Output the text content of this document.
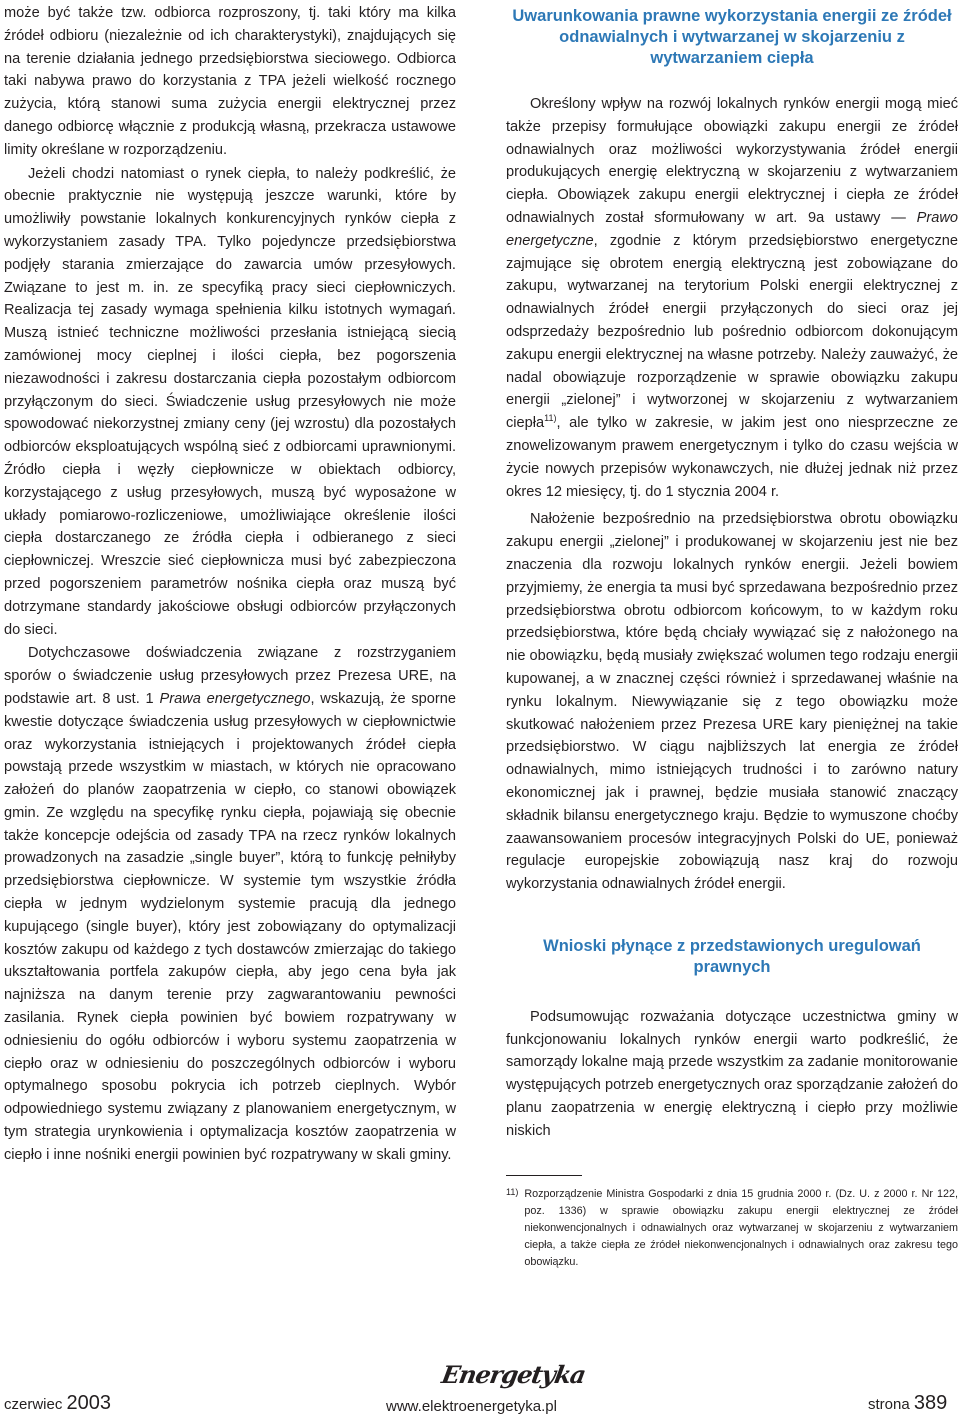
może być także tzw. odbiorca rozproszony, tj. taki który ma kilka źródeł odbioru (niezależnie od ich charakterystyki), znajdujących się na terenie działania jednego przedsiębiorstwa sieciowego. Odbiorca taki nabywa prawo do korzystania z TPA jeżeli wielkość rocznego zużycia, którą stanowi suma zużycia energii elektrycznej przez danego odbiorcę włącznie z produkcją własną, przekracza ustawowe limity określane w rozporządzeniu.

Jeżeli chodzi natomiast o rynek ciepła, to należy podkreślić, że obecnie praktycznie nie występują jeszcze warunki, które by umożliwiły powstanie lokalnych konkurencyjnych rynków ciepła z wykorzystaniem zasady TPA. Tylko pojedyncze przedsiębiorstwa podjęły starania zmierzające do zawarcia umów przesyłowych. Związane to jest m. in. ze specyfiką pracy sieci ciepłowniczych. Realizacja tej zasady wymaga spełnienia kilku istotnych wymagań. Muszą istnieć techniczne możliwości przesłania istniejącą siecią zamówionej mocy cieplnej i ilości ciepła, bez pogorszenia niezawodności i zakresu dostarczania ciepła pozostałym odbiorcom przyłączonym do sieci. Świadczenie usług przesyłowych nie może spowodować niekorzystnej zmiany ceny (jej wzrostu) dla pozostałych odbiorców eksploatujących wspólną sieć z odbiorcami uprawnionymi. Źródło ciepła i węzły ciepłownicze w obiektach odbiorcy, korzystającego z usług przesyłowych, muszą być wyposażone w układy pomiarowo-rozliczeniowe, umożliwiające określenie ilości ciepła dostarczanego ze źródła ciepła i odbieranego z sieci ciepłowniczej. Wreszcie sieć ciepłownicza musi być zabezpieczona przed pogorszeniem parametrów nośnika ciepła oraz muszą być dotrzymane standardy jakościowe obsługi odbiorców przyłączonych do sieci.

Dotychczasowe doświadczenia związane z rozstrzyganiem sporów o świadczenie usług przesyłowych przez Prezesa URE, na podstawie art. 8 ust. 1 Prawa energetycznego, wskazują, że sporne kwestie dotyczące świadczenia usług przesyłowych w ciepłownictwie oraz wykorzystania istniejących i projektowanych źródeł ciepła powstają przede wszystkim w miastach, w których nie opracowano założeń do planów zaopatrzenia w ciepło, co stanowi obowiązek gmin. Ze względu na specyfikę rynku ciepła, pojawiają się obecnie także koncepcje odejścia od zasady TPA na rzecz rynków lokalnych prowadzonych na zasadzie „single buyer”, którą to funkcję pełniłyby przedsiębiorstwa ciepłownicze. W systemie tym wszystkie źródła ciepła w jednym wydzielonym systemie pracują dla jednego kupującego (single buyer), który jest zobowiązany do optymalizacji kosztów zakupu od każdego z tych dostawców zmierzając do takiego ukształtowania portfela zakupów ciepła, aby jego cena była jak najniższa na danym terenie przy zagwarantowaniu pewności zasilania. Rynek ciepła powinien być bowiem rozpatrywany w odniesieniu do ogółu odbiorców i wyboru systemu zaopatrzenia w ciepło oraz w odniesieniu do poszczególnych odbiorców i wyboru optymalnego sposobu pokrycia ich potrzeb cieplnych. Wybór odpowiedniego systemu związany z planowaniem energetycznym, w tym strategia urynkowienia i optymalizacja kosztów zaopatrzenia w ciepło i inne nośniki energii powinien być rozpatrywany w skali gminy.

Uwarunkowania prawne wykorzystania energii ze źródeł odnawialnych i wytwarzanej w skojarzeniu z wytwarzaniem ciepła

Określony wpływ na rozwój lokalnych rynków energii mogą mieć także przepisy formułujące obowiązki zakupu energii ze źródeł odnawialnych oraz możliwości wykorzystywania źródeł energii produkujących energię elektryczną w skojarzeniu z wytwarzaniem ciepła. Obowiązek zakupu energii elektrycznej i ciepła ze źródeł odnawialnych został sformułowany w art. 9a ustawy — Prawo energetyczne, zgodnie z którym przedsiębiorstwo energetyczne zajmujące się obrotem energią elektryczną jest zobowiązane do zakupu, wytwarzanej na terytorium Polski energii elektrycznej z odnawialnych źródeł energii przyłączonych do sieci oraz jej odsprzedaży bezpośrednio lub pośrednio odbiorcom dokonującym zakupu energii elektrycznej na własne potrzeby. Należy zauważyć, że nadal obowiązuje rozporządzenie w sprawie obowiązku zakupu energii „zielonej” i wytworzonej w skojarzeniu z wytwarzaniem ciepła$^{11)}$, ale tylko w zakresie, w jakim jest ono niesprzeczne ze znowelizowanym prawem energetycznym i tylko do czasu wejścia w życie nowych przepisów wykonawczych, nie dłużej jednak niż przez okres 12 miesięcy, tj. do 1 stycznia 2004 r.

Nałożenie bezpośrednio na przedsiębiorstwa obrotu obowiązku zakupu energii „zielonej” i produkowanej w skojarzeniu jest nie bez znaczenia dla rozwoju lokalnych rynków energii. Jeżeli bowiem przyjmiemy, że energia ta musi być sprzedawana bezpośrednio przez przedsiębiorstwa obrotu odbiorcom końcowym, to w każdym roku przedsiębiorstwa, które będą chciały wywiązać się z nałożonego na nie obowiązku, będą musiały zwiększać wolumen tego rodzaju energii kupowanej, a w znacznej części również i sprzedawanej właśnie na rynku lokalnym. Niewywiązanie się z tego obowiązku może skutkować nałożeniem przez Prezesa URE kary pieniężnej na takie przedsiębiorstwo. W ciągu najbliższych lat energia ze źródeł odnawialnych, mimo istniejących trudności i to zarówno natury ekonomicznej jak i prawnej, będzie musiała stanowić znaczący składnik bilansu energetycznego kraju. Będzie to wymuszone choćby zaawansowaniem procesów integracyjnych Polski do UE, ponieważ regulacje europejskie zobowiązują nasz kraj do rozwoju wykorzystania odnawialnych źródeł energii.

Wnioski płynące z przedstawionych uregulowań prawnych

Podsumowując rozważania dotyczące uczestnictwa gminy w funkcjonowaniu lokalnych rynków energii warto podkreślić, że samorządy lokalne mają przede wszystkim za zadanie monitorowanie występujących potrzeb energetycznych oraz sporządzanie założeń do planu zaopatrzenia w energię elektryczną i ciepło przy możliwie niskich

11) Rozporządzenie Ministra Gospodarki z dnia 15 grudnia 2000 r. (Dz. U. z 2000 r. Nr 122, poz. 1336) w sprawie obowiązku zakupu energii elektrycznej ze źródeł niekonwencjonalnych i odnawialnych oraz wytwarzanej w skojarzeniu z wytwarzaniem ciepła, a także ciepła ze źródeł niekonwencjonalnych i odnawialnych oraz zakresu tego obowiązku.
Energetyka
czerwiec 2003	www.elektroenergetyka.pl	strona 389
